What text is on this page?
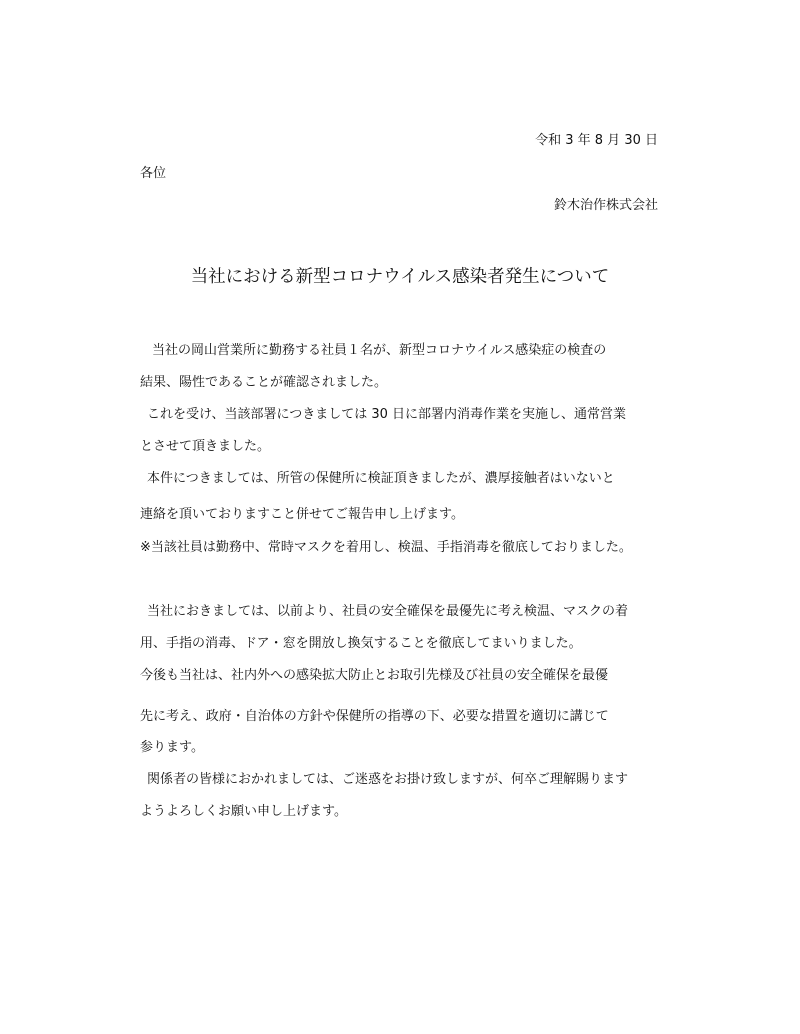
令和 3 年 8 月 30 日
各位
鈴木治作株式会社
当社における新型コロナウイルス感染者発生について
当社の岡山営業所に勤務する社員１名が、新型コロナウイルス感染症の検査の
結果、陽性であることが確認されました。
これを受け、当該部署につきましては 30 日に部署内消毒作業を実施し、通常営業
とさせて頂きました。
本件につきましては、所管の保健所に検証頂きましたが、濃厚接触者はいないと
連絡を頂いておりますこと併せてご報告申し上げます。
※当該社員は勤務中、常時マスクを着用し、検温、手指消毒を徹底しておりました。
当社におきましては、以前より、社員の安全確保を最優先に考え検温、マスクの着
用、手指の消毒、ドア・窓を開放し換気することを徹底してまいりました。
今後も当社は、社内外への感染拡大防止とお取引先様及び社員の安全確保を最優
先に考え、政府・自治体の方針や保健所の指導の下、必要な措置を適切に講じて
参ります。
関係者の皆様におかれましては、ご迷惑をお掛け致しますが、何卒ご理解賜ります
ようよろしくお願い申し上げます。
